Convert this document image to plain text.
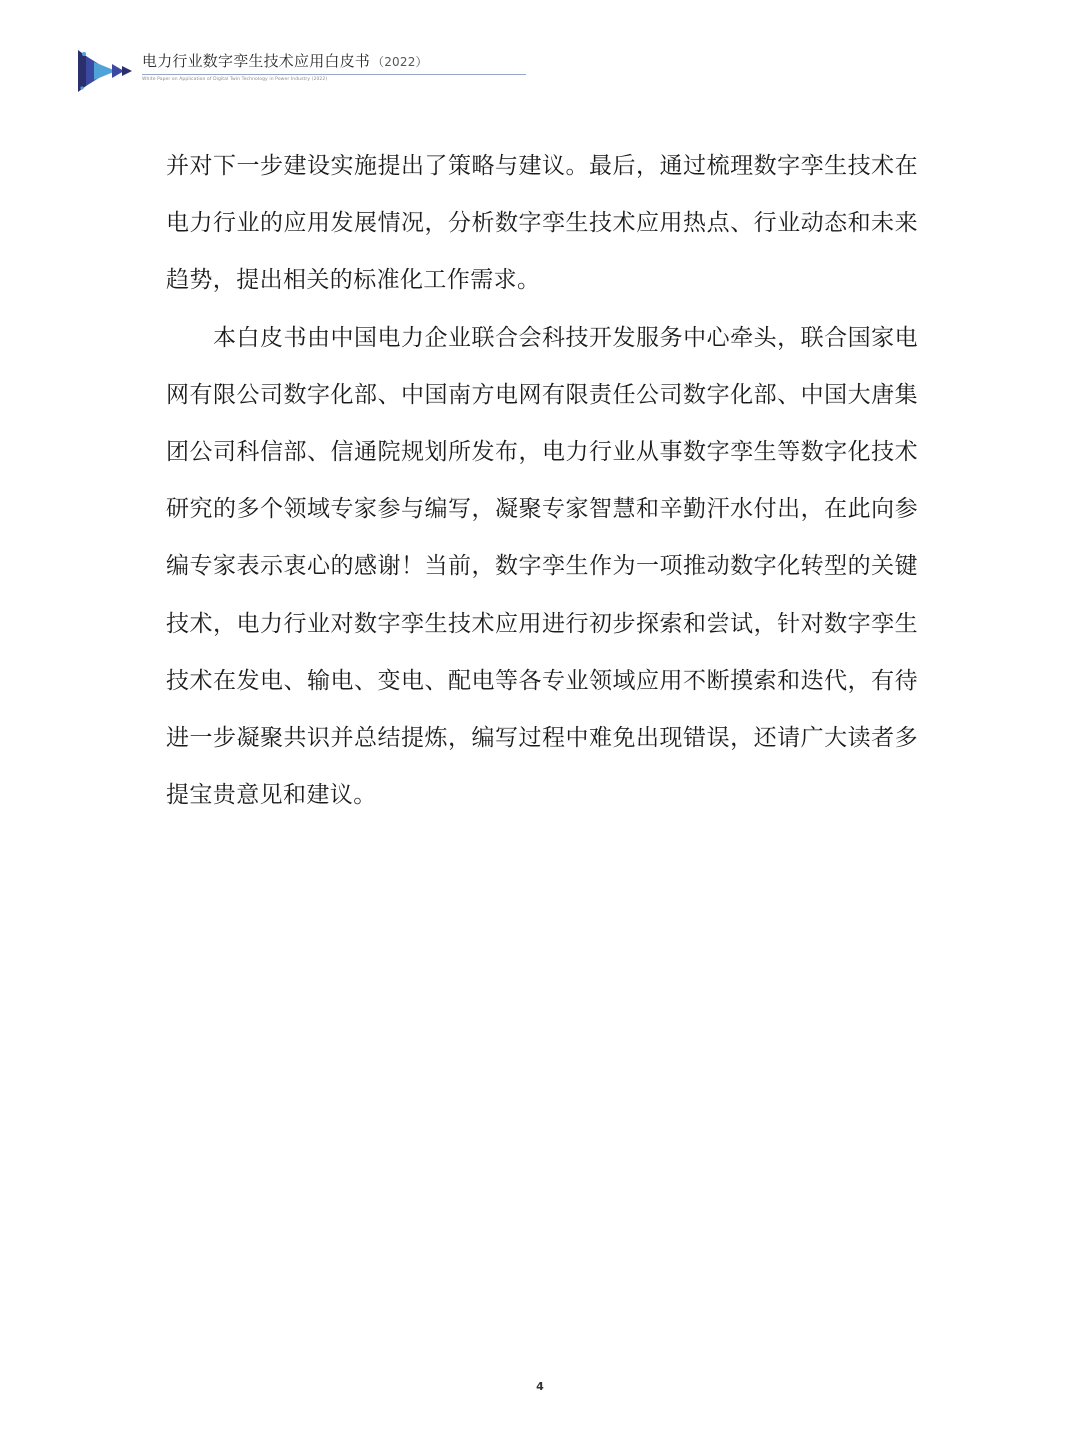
电力行业数字孪生技术应用白皮书 （2022）
White Paper on Application of Digital Twin Technology in Power Industry (2022)

并对下一步建设实施提出了策略与建议。最后，通过梳理数字孪生技术在电力行业的应用发展情况，分析数字孪生技术应用热点、行业动态和未来趋势，提出相关的标准化工作需求。

本白皮书由中国电力企业联合会科技开发服务中心牵头，联合国家电网有限公司数字化部、中国南方电网有限责任公司数字化部、中国大唐集团公司科信部、信通院规划所发布，电力行业从事数字孪生等数字化技术研究的多个领域专家参与编写，凝聚专家智慧和辛勤汗水付出，在此向参编专家表示衷心的感谢！当前，数字孪生作为一项推动数字化转型的关键技术，电力行业对数字孪生技术应用进行初步探索和尝试，针对数字孪生技术在发电、输电、变电、配电等各专业领域应用不断摸索和迭代，有待进一步凝聚共识并总结提炼，编写过程中难免出现错误，还请广大读者多提宝贵意见和建议。

4
